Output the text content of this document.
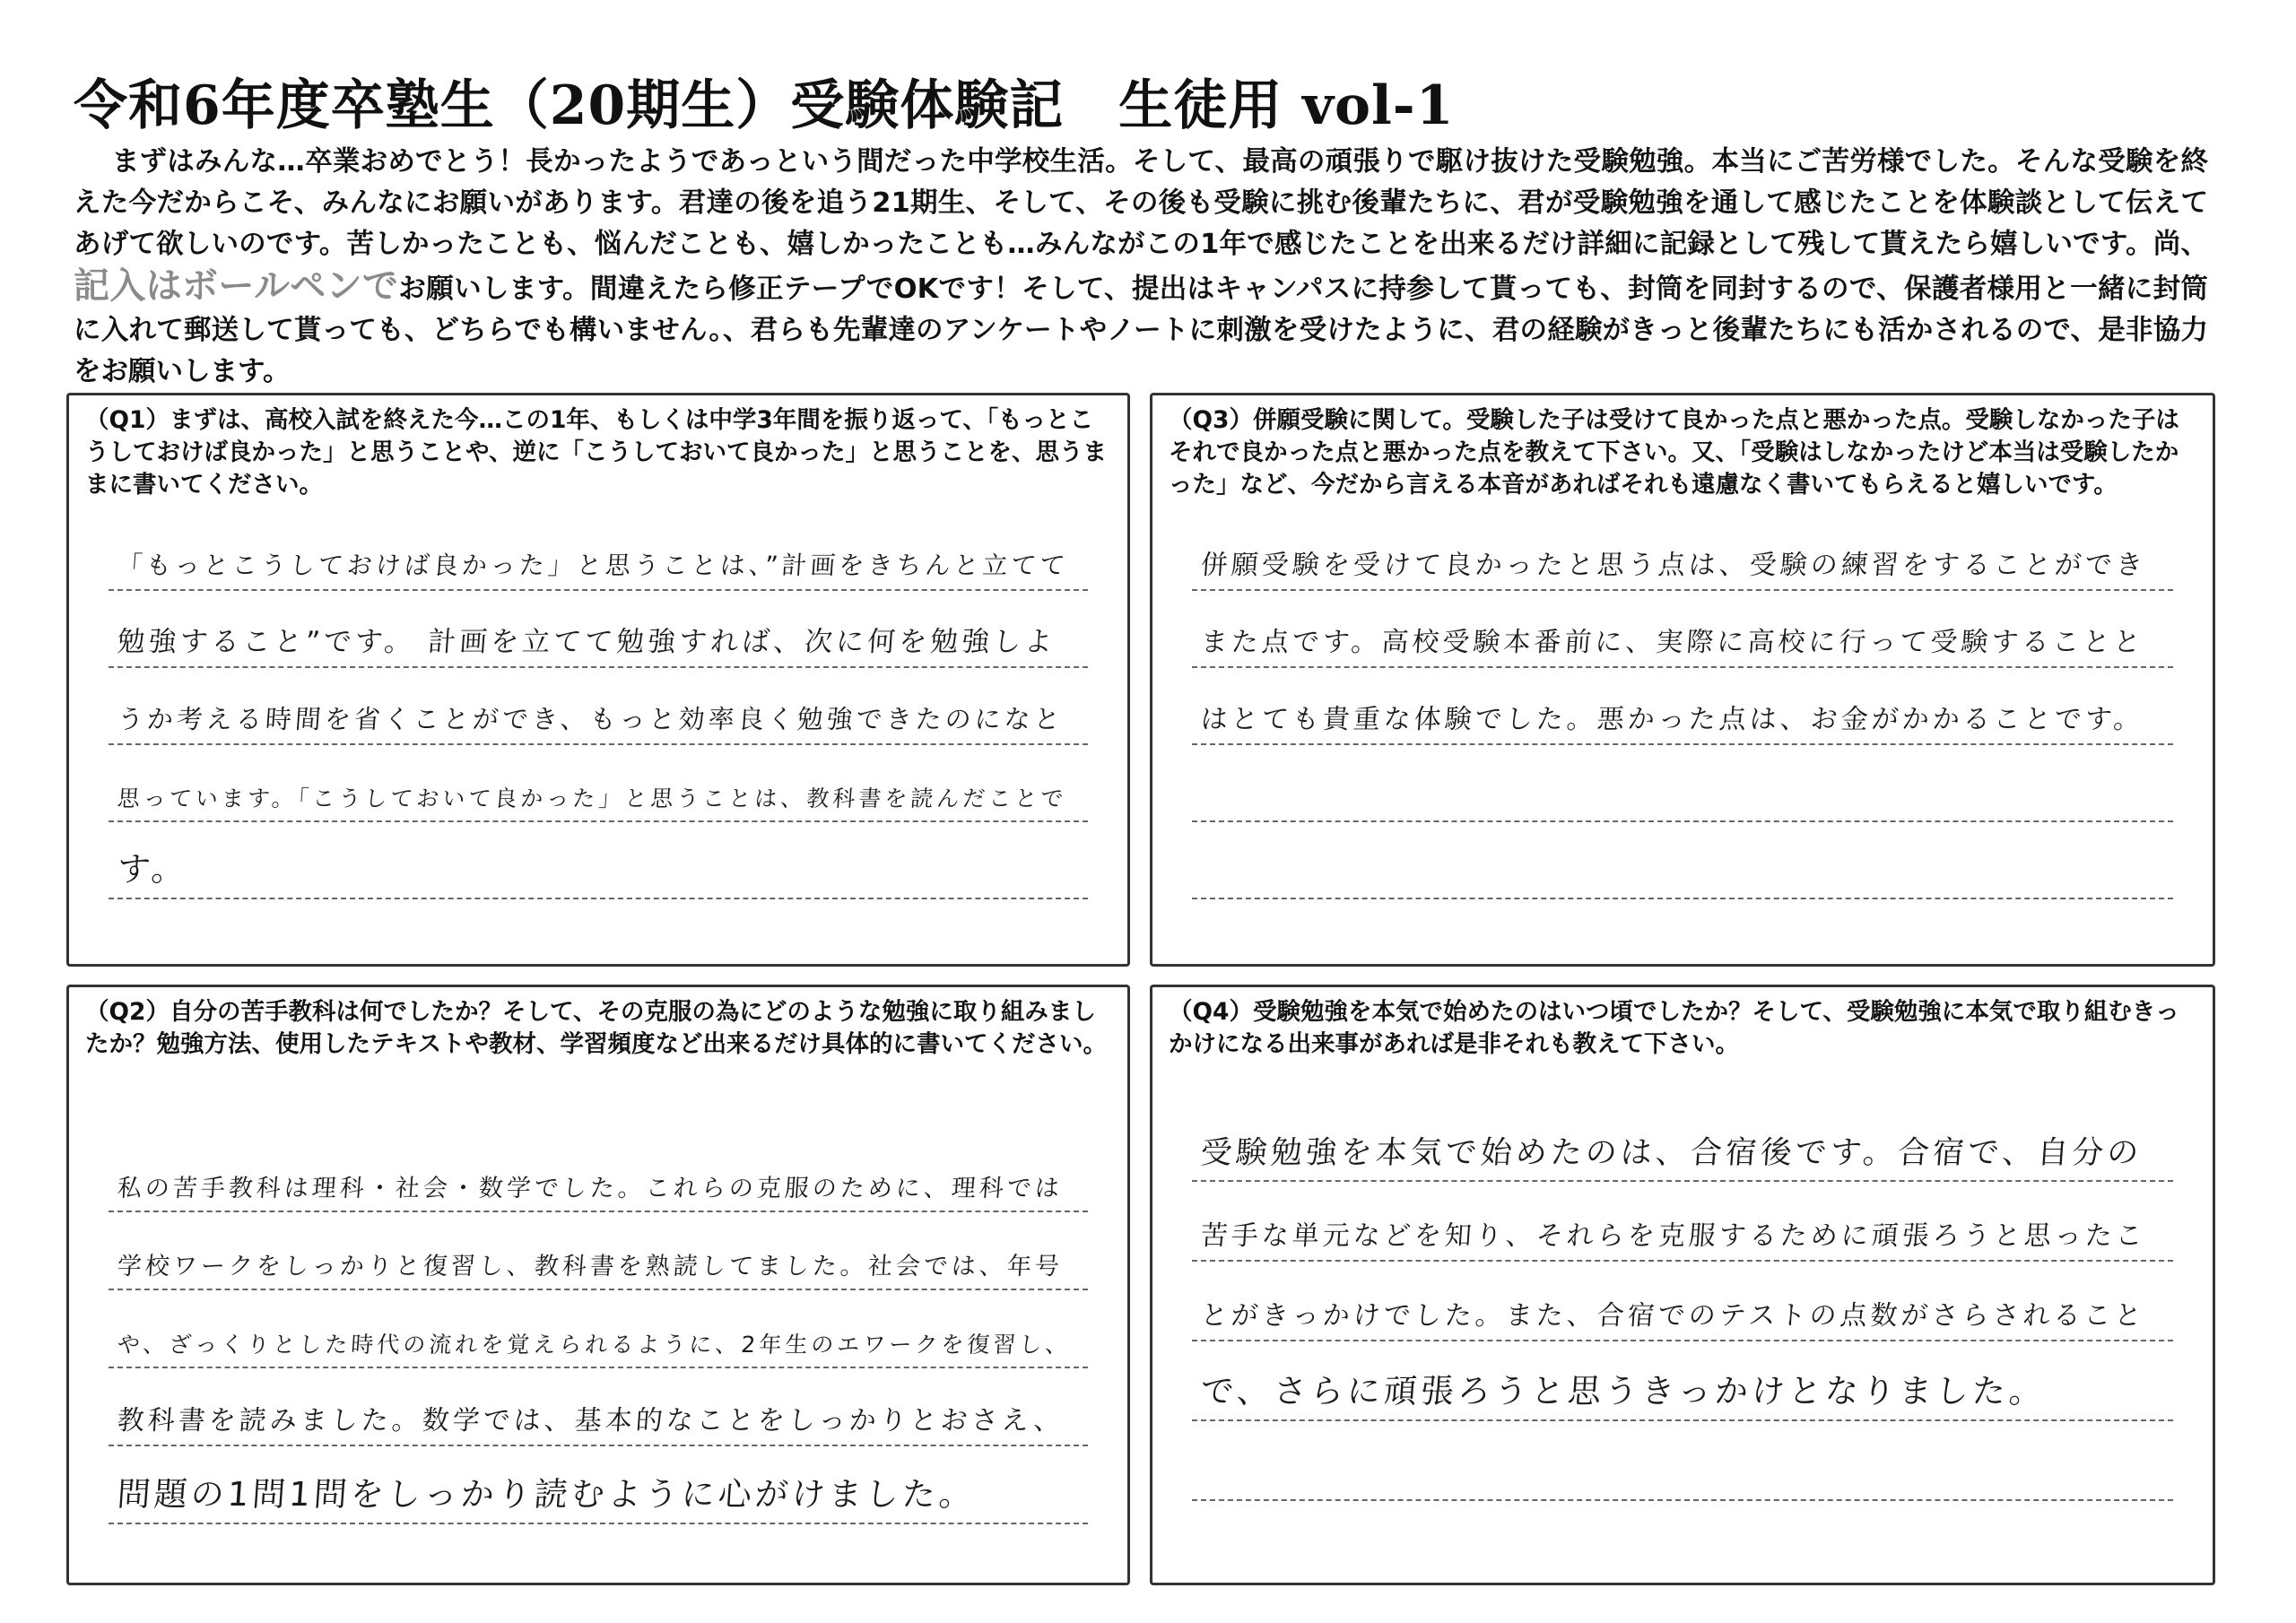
令和6年度卒塾生（20期生）受験体験記　生徒用 vol-1
まずはみんな…卒業おめでとう！長かったようであっという間だった中学校生活。そして、最高の頑張りで駆け抜けた受験勉強。本当にご苦労様でした。そんな受験を終えた今だからこそ、みんなにお願いがあります。君達の後を追う21期生、そして、その後も受験に挑む後輩たちに、君が受験勉強を通して感じたことを体験談として伝えてあげて欲しいのです。苦しかったことも、悩んだことも、嬉しかったことも…みんながこの1年で感じたことを出来るだけ詳細に記録として残して貰えたら嬉しいです。尚、記入はボールペンでお願いします。間違えたら修正テープでOKです！そして、提出はキャンパスに持参して貰っても、封筒を同封するので、保護者様用と一緒に封筒に入れて郵送して貰っても、どちらでも構いません。、君らも先輩達のアンケートやノートに刺激を受けたように、君の経験がきっと後輩たちにも活かされるので、是非協力をお願いします。
（Q1）まずは、高校入試を終えた今…この1年、もしくは中学3年間を振り返って、「もっとこうしておけば良かった」と思うことや、逆に「こうしておいて良かった」と思うことを、思うままに書いてください。
「もっとこうしておけば良かった」と思うことは、”計画をきちんと立てて
勉強すること”です。 計画を立てて勉強すれば、次に何を勉強しよ
うか考える時間を省くことができ、もっと効率良く勉強できたのになと
思っています。「こうしておいて良かった」と思うことは、教科書を読んだことで
す。
（Q3）併願受験に関して。受験した子は受けて良かった点と悪かった点。受験しなかった子はそれで良かった点と悪かった点を教えて下さい。又、「受験はしなかったけど本当は受験したかった」など、今だから言える本音があればそれも遠慮なく書いてもらえると嬉しいです。
併願受験を受けて良かったと思う点は、受験の練習をすることができ
また点です。高校受験本番前に、実際に高校に行って受験することと
はとても貴重な体験でした。悪かった点は、お金がかかることです。
（Q2）自分の苦手教科は何でしたか？そして、その克服の為にどのような勉強に取り組みましたか？勉強方法、使用したテキストや教材、学習頻度など出来るだけ具体的に書いてください。
私の苦手教科は理科・社会・数学でした。これらの克服のために、理科では
学校ワークをしっかりと復習し、教科書を熟読してました。社会では、年号
や、ざっくりとした時代の流れを覚えられるように、2年生のエワークを復習し、
教科書を読みました。数学では、基本的なことをしっかりとおさえ、
問題の1問1問をしっかり読むように心がけました。
（Q4）受験勉強を本気で始めたのはいつ頃でしたか？そして、受験勉強に本気で取り組むきっかけになる出来事があれば是非それも教えて下さい。
受験勉強を本気で始めたのは、合宿後です。合宿で、自分の
苦手な単元などを知り、それらを克服するために頑張ろうと思ったこ
とがきっかけでした。また、合宿でのテストの点数がさらされること
で、さらに頑張ろうと思うきっかけとなりました。
